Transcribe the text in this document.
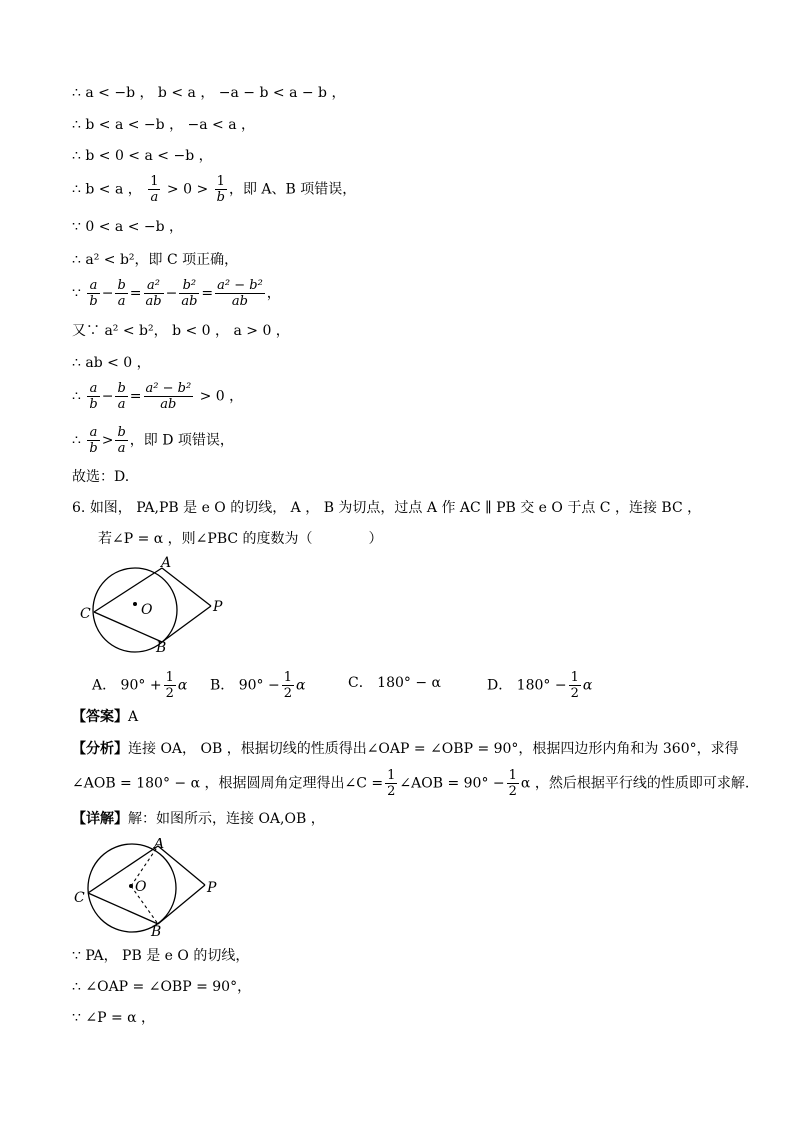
∴ a < −b ， b < a ， −a − b < a − b ，
∴ b < a < −b ， −a < a ，
∴ b < 0 < a < −b ，
∴ b < a ， $\frac{1}{a} > 0 > \frac{1}{b}$ ，即 A、B 项错误，
∵ 0 < a < −b ，
∴ a² < b²，即 C 项正确，
∵ $\frac{a}{b} - \frac{b}{a} = \frac{\text{a²}}{ab} - \frac{\text{b²}}{ab} = \frac{\text{a² − b²}}{ab}$ ，
又∵ a² < b²， b < 0 ， a > 0 ，
∴ ab < 0 ，
∴ $\frac{a}{b} - \frac{b}{a} = \frac{\text{a² − b²}}{ab} > 0$ ，
∴ $\frac{a}{b} > \frac{b}{a}$ ，即 D 项错误，
故选：D.
6. 如图， PA,PB 是 e O 的切线， A ， B 为切点，过点 A 作 AC ∥ PB 交 e O 于点 C ，连接 BC ，
若∠P = α ，则∠PBC 的度数为（　　　　）
O
A
B
C	P
A． $90^\circ + \frac{1}{2}$ α B． $90^\circ - \frac{1}{2}$ α	C． 180° − α	D． $180^\circ - \frac{1}{2}$ α
【答案】A
【分析】连接 OA， OB ，根据切线的性质得出∠OAP = ∠OBP = 90°，根据四边形内角和为 360°，求得
∠AOB = 180° − α ，根据圆周角定理得出∠C = $\frac{1}{2}$ ∠AOB = $90^\circ - \frac{1}{2}$ α ，然后根据平行线的性质即可求解.
【详解】解：如图所示，连接 OA,OB ，
O
A
B
C
P
∵ PA， PB 是 e O 的切线，
∴ ∠OAP = ∠OBP = 90°，
∵ ∠P = α ，
